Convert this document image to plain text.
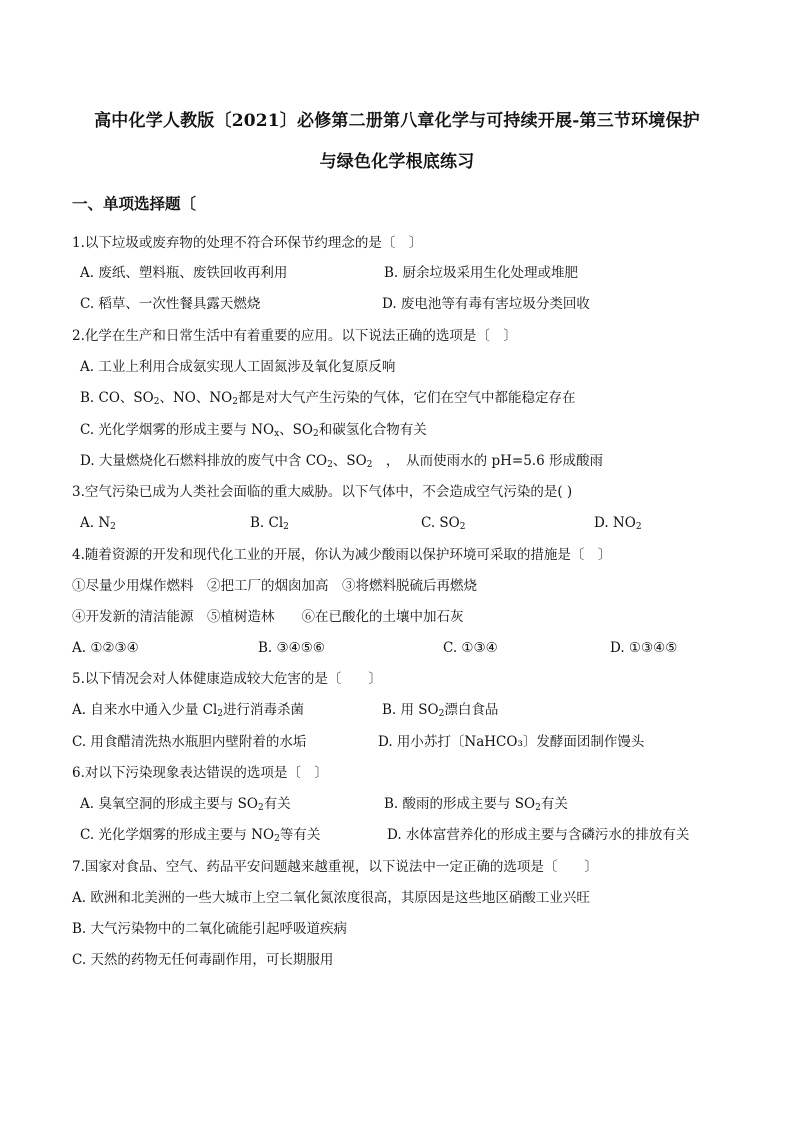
高中化学人教版〔2021〕必修第二册第八章化学与可持续开展-第三节环境保护
与绿色化学根底练习
一、单项选择题〔
1.以下垃圾或废弃物的处理不符合环保节约理念的是〔　〕
A. 废纸、塑料瓶、废铁回收再利用	B. 厨余垃圾采用生化处理或堆肥
C. 稻草、一次性餐具露天燃烧	D. 废电池等有毒有害垃圾分类回收
2.化学在生产和日常生活中有着重要的应用。以下说法正确的选项是〔　〕
A. 工业上利用合成氨实现人工固氮涉及氧化复原反响
B. CO、$SO_2$、NO、$NO_2$都是对大气产生污染的气体，它们在空气中都能稳定存在
C. 光化学烟雾的形成主要与 $NO_x$、$SO_2$和碳氢化合物有关
D. 大量燃烧化石燃料排放的废气中含 $CO_2$、$SO_2$　，　从而使雨水的 pH=5.6 形成酸雨
3.空气污染已成为人类社会面临的重大威胁。以下气体中，不会造成空气污染的是( )
A. $N_2$	B. $Cl_2$	C. $SO_2$	D. $NO_2$
4.随着资源的开发和现代化工业的开展，你认为减少酸雨以保护环境可采取的措施是〔　〕
①尽量少用煤作燃料　②把工厂的烟囱加高　③将燃料脱硫后再燃烧
④开发新的清洁能源　⑤植树造林　　⑥在已酸化的土壤中加石灰
A. ①②③④	B. ③④⑤⑥	C. ①③④	D. ①③④⑤
5.以下情况会对人体健康造成较大危害的是〔　　〕
A. 自来水中通入少量 $Cl_2$进行消毒杀菌	B. 用 $SO_2$漂白食品
C. 用食醋清洗热水瓶胆内壁附着的水垢	D. 用小苏打〔NaHCO₃〕发酵面团制作馒头
6.对以下污染现象表达错误的选项是〔　〕
A. 臭氧空洞的形成主要与 $SO_2$有关	B. 酸雨的形成主要与 $SO_2$有关
C. 光化学烟雾的形成主要与 $NO_2$等有关	D. 水体富营养化的形成主要与含磷污水的排放有关
7.国家对食品、空气、药品平安问题越来越重视，以下说法中一定正确的选项是〔　　〕
A. 欧洲和北美洲的一些大城市上空二氧化氮浓度很高，其原因是这些地区硝酸工业兴旺
B. 大气污染物中的二氧化硫能引起呼吸道疾病
C. 天然的药物无任何毒副作用，可长期服用
